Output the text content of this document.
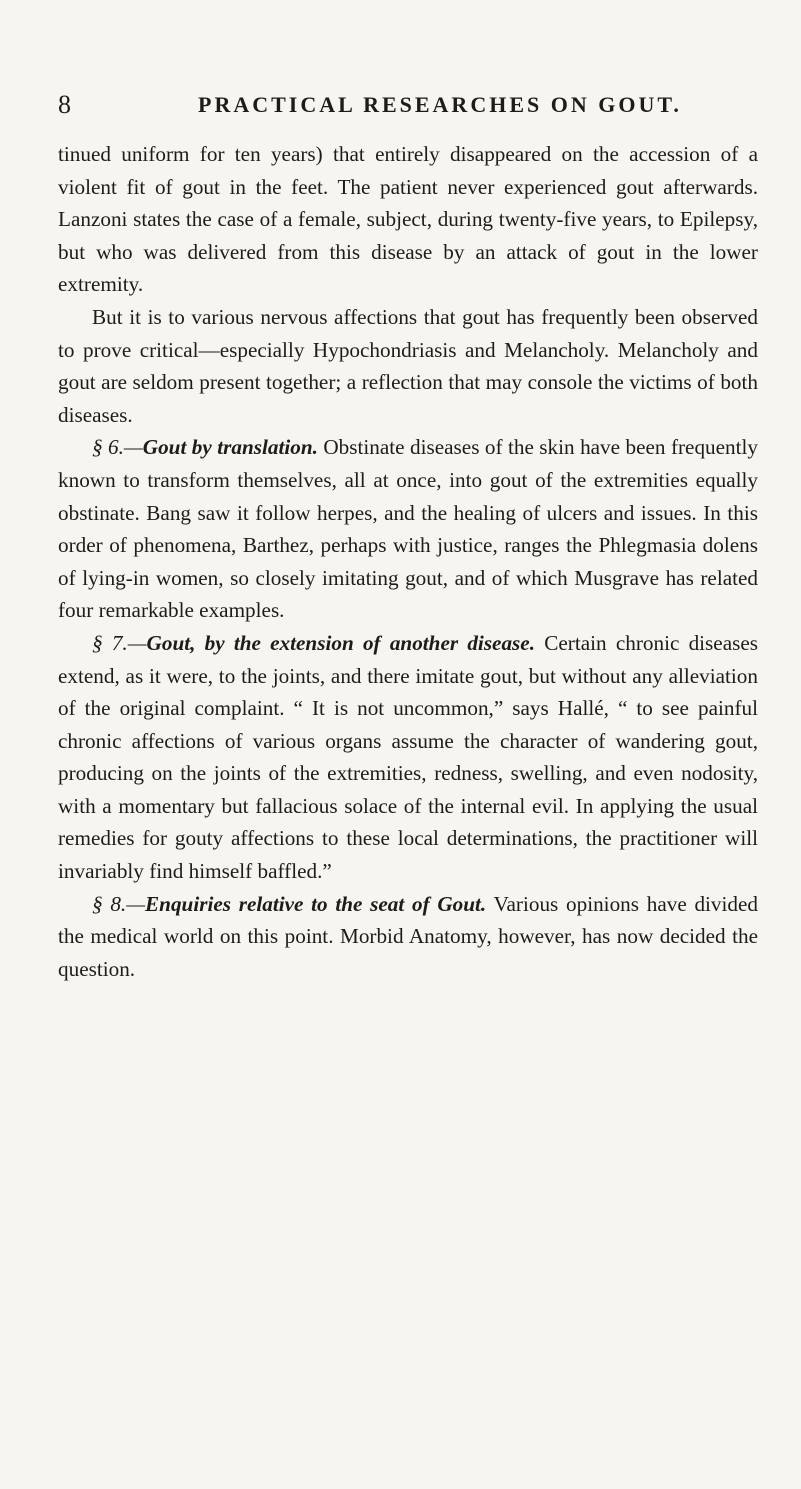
8	PRACTICAL RESEARCHES ON GOUT.

tinued uniform for ten years) that entirely disappeared on the accession of a violent fit of gout in the feet. The patient never experienced gout afterwards. Lanzoni states the case of a female, subject, during twenty-five years, to Epilepsy, but who was delivered from this disease by an attack of gout in the lower extremity.

But it is to various nervous affections that gout has frequently been observed to prove critical—especially Hypochondriasis and Melancholy. Melancholy and gout are seldom present together; a reflection that may console the victims of both diseases.

§ 6.—Gout by translation. Obstinate diseases of the skin have been frequently known to transform themselves, all at once, into gout of the extremities equally obstinate. Bang saw it follow herpes, and the healing of ulcers and issues. In this order of phenomena, Barthez, perhaps with justice, ranges the Phlegmasia dolens of lying-in women, so closely imitating gout, and of which Musgrave has related four remarkable examples.

§ 7.—Gout, by the extension of another disease. Certain chronic diseases extend, as it were, to the joints, and there imitate gout, but without any alleviation of the original complaint. “ It is not uncommon,” says Hallé, “ to see painful chronic affections of various organs assume the character of wandering gout, producing on the joints of the extremities, redness, swelling, and even nodosity, with a momentary but fallacious solace of the internal evil. In applying the usual remedies for gouty affections to these local determinations, the practitioner will invariably find himself baffled.”

§ 8.—Enquiries relative to the seat of Gout. Various opinions have divided the medical world on this point. Morbid Anatomy, however, has now decided the question.
